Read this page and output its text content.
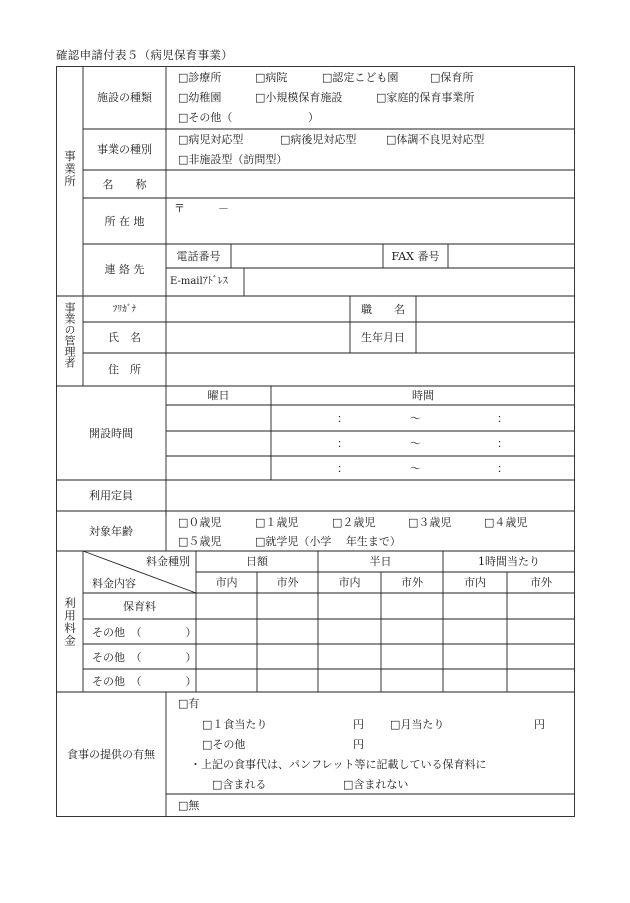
確認申請付表５（病児保育事業）
事業所
施設の種類
□診療所	□病院	□認定こども園	□保育所
□幼稚園	□小規模保育施設	□家庭的保育事業所
□その他（	）
事業の種別
□病児対応型	□病後児対応型	□体調不良児対応型
□非施設型（訪問型）
名　　称
所 在 地
〒　　　－
連 絡 先
電話番号	FAX 番号
E-mailｱﾄﾞﾚｽ
事業の管理者	ﾌﾘｶﾞﾅ	職　　名
氏　名	生年月日
住　所
開設時間
曜日	時間
：	～	：
：	～	：
：	～	：
利用定員
対象年齢
□０歳児	□１歳児	□２歳児	□３歳児	□４歳児
□５歳児	□就学児（小学　 年生まで）
利用料金
料金種別
料金内容
日額	半日	1時間当たり
市内	市外	市内	市外	市内	市外
保育料
その他　（　　　　）
その他　（　　　　）
その他　（　　　　）
食事の提供の有無
□有
□１食当たり	円 □月当たり	円
□その他	円
・上記の食事代は、パンフレット等に記載している保育料に
□含まれる	□含まれない
□無
